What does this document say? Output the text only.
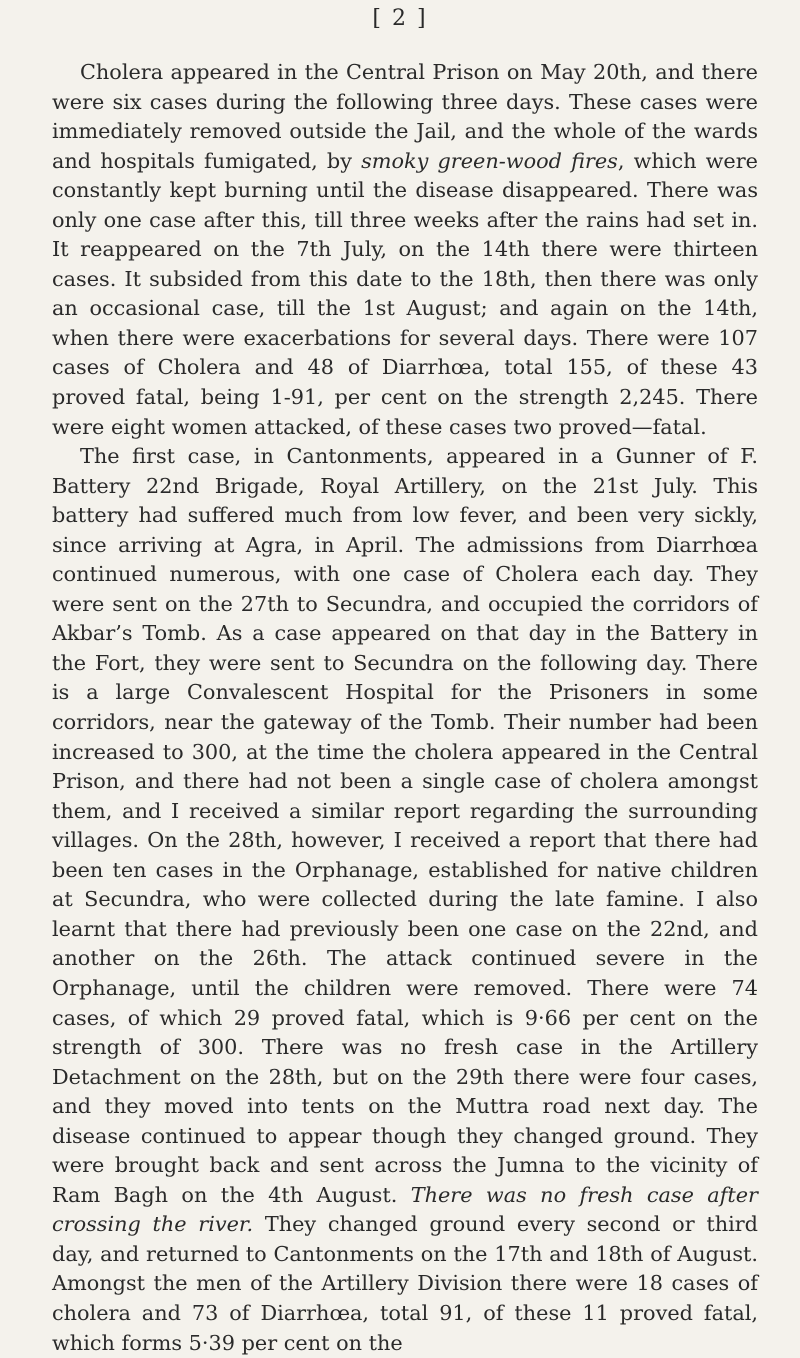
[ 2 ]

Cholera appeared in the Central Prison on May 20th, and there were six cases during the following three days. These cases were immediately removed outside the Jail, and the whole of the wards and hospitals fumigated, by smoky green-wood fires, which were constantly kept burning until the disease disappeared. There was only one case after this, till three weeks after the rains had set in. It reappeared on the 7th July, on the 14th there were thirteen cases. It subsided from this date to the 18th, then there was only an occasional case, till the 1st August; and again on the 14th, when there were exacerbations for several days. There were 107 cases of Cholera and 48 of Diarrhœa, total 155, of these 43 proved fatal, being 1-91, per cent on the strength 2,245. There were eight women attacked, of these cases two proved—fatal.

The first case, in Cantonments, appeared in a Gunner of F. Battery 22nd Brigade, Royal Artillery, on the 21st July. This battery had suffered much from low fever, and been very sickly, since arriving at Agra, in April. The admissions from Diarrhœa continued numerous, with one case of Cholera each day. They were sent on the 27th to Secundra, and occupied the corridors of Akbar’s Tomb. As a case appeared on that day in the Battery in the Fort, they were sent to Secundra on the following day. There is a large Convalescent Hospital for the Prisoners in some corridors, near the gateway of the Tomb. Their number had been increased to 300, at the time the cholera appeared in the Central Prison, and there had not been a single case of cholera amongst them, and I received a similar report regarding the surrounding villages. On the 28th, however, I received a report that there had been ten cases in the Orphanage, established for native children at Secundra, who were collected during the late famine. I also learnt that there had previously been one case on the 22nd, and another on the 26th. The attack continued severe in the Orphanage, until the children were removed. There were 74 cases, of which 29 proved fatal, which is 9·66 per cent on the strength of 300. There was no fresh case in the Artillery Detachment on the 28th, but on the 29th there were four cases, and they moved into tents on the Muttra road next day. The disease continued to appear though they changed ground. They were brought back and sent across the Jumna to the vicinity of Ram Bagh on the 4th August. There was no fresh case after crossing the river. They changed ground every second or third day, and returned to Cantonments on the 17th and 18th of August. Amongst the men of the Artillery Division there were 18 cases of cholera and 73 of Diarrhœa, total 91, of these 11 proved fatal, which forms 5·39 per cent on the
